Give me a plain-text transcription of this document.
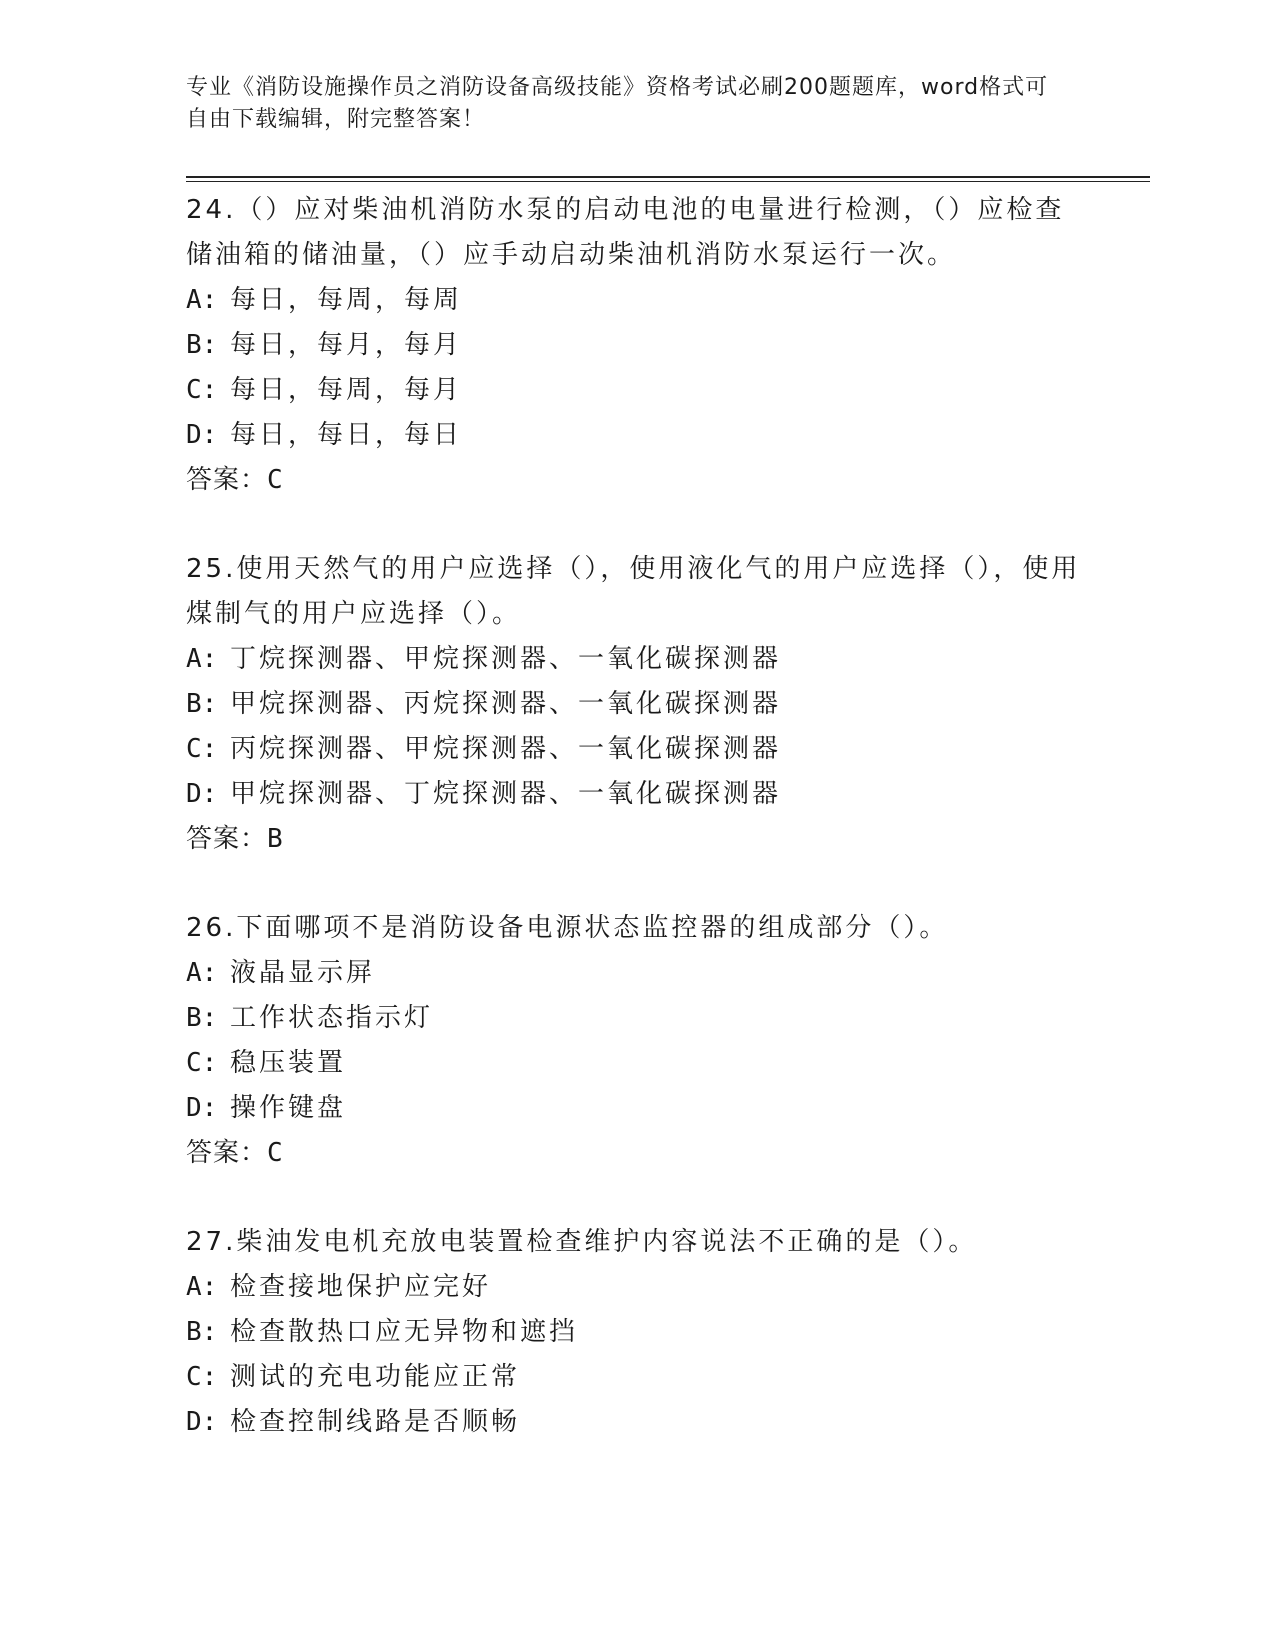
专业《消防设施操作员之消防设备高级技能》资格考试必刷200题题库，word格式可自由下载编辑，附完整答案！
24.（）应对柴油机消防水泵的启动电池的电量进行检测，（）应检查储油箱的储油量，（）应手动启动柴油机消防水泵运行一次。
A: 每日，每周，每周
B: 每日，每月，每月
C: 每日，每周，每月
D: 每日，每日，每日
答案：C
25.使用天然气的用户应选择（），使用液化气的用户应选择（），使用煤制气的用户应选择（）。
A: 丁烷探测器、甲烷探测器、一氧化碳探测器
B: 甲烷探测器、丙烷探测器、一氧化碳探测器
C: 丙烷探测器、甲烷探测器、一氧化碳探测器
D: 甲烷探测器、丁烷探测器、一氧化碳探测器
答案：B
26.下面哪项不是消防设备电源状态监控器的组成部分（）。
A: 液晶显示屏
B: 工作状态指示灯
C: 稳压装置
D: 操作键盘
答案：C
27.柴油发电机充放电装置检查维护内容说法不正确的是（）。
A: 检查接地保护应完好
B: 检查散热口应无异物和遮挡
C: 测试的充电功能应正常
D: 检查控制线路是否顺畅
